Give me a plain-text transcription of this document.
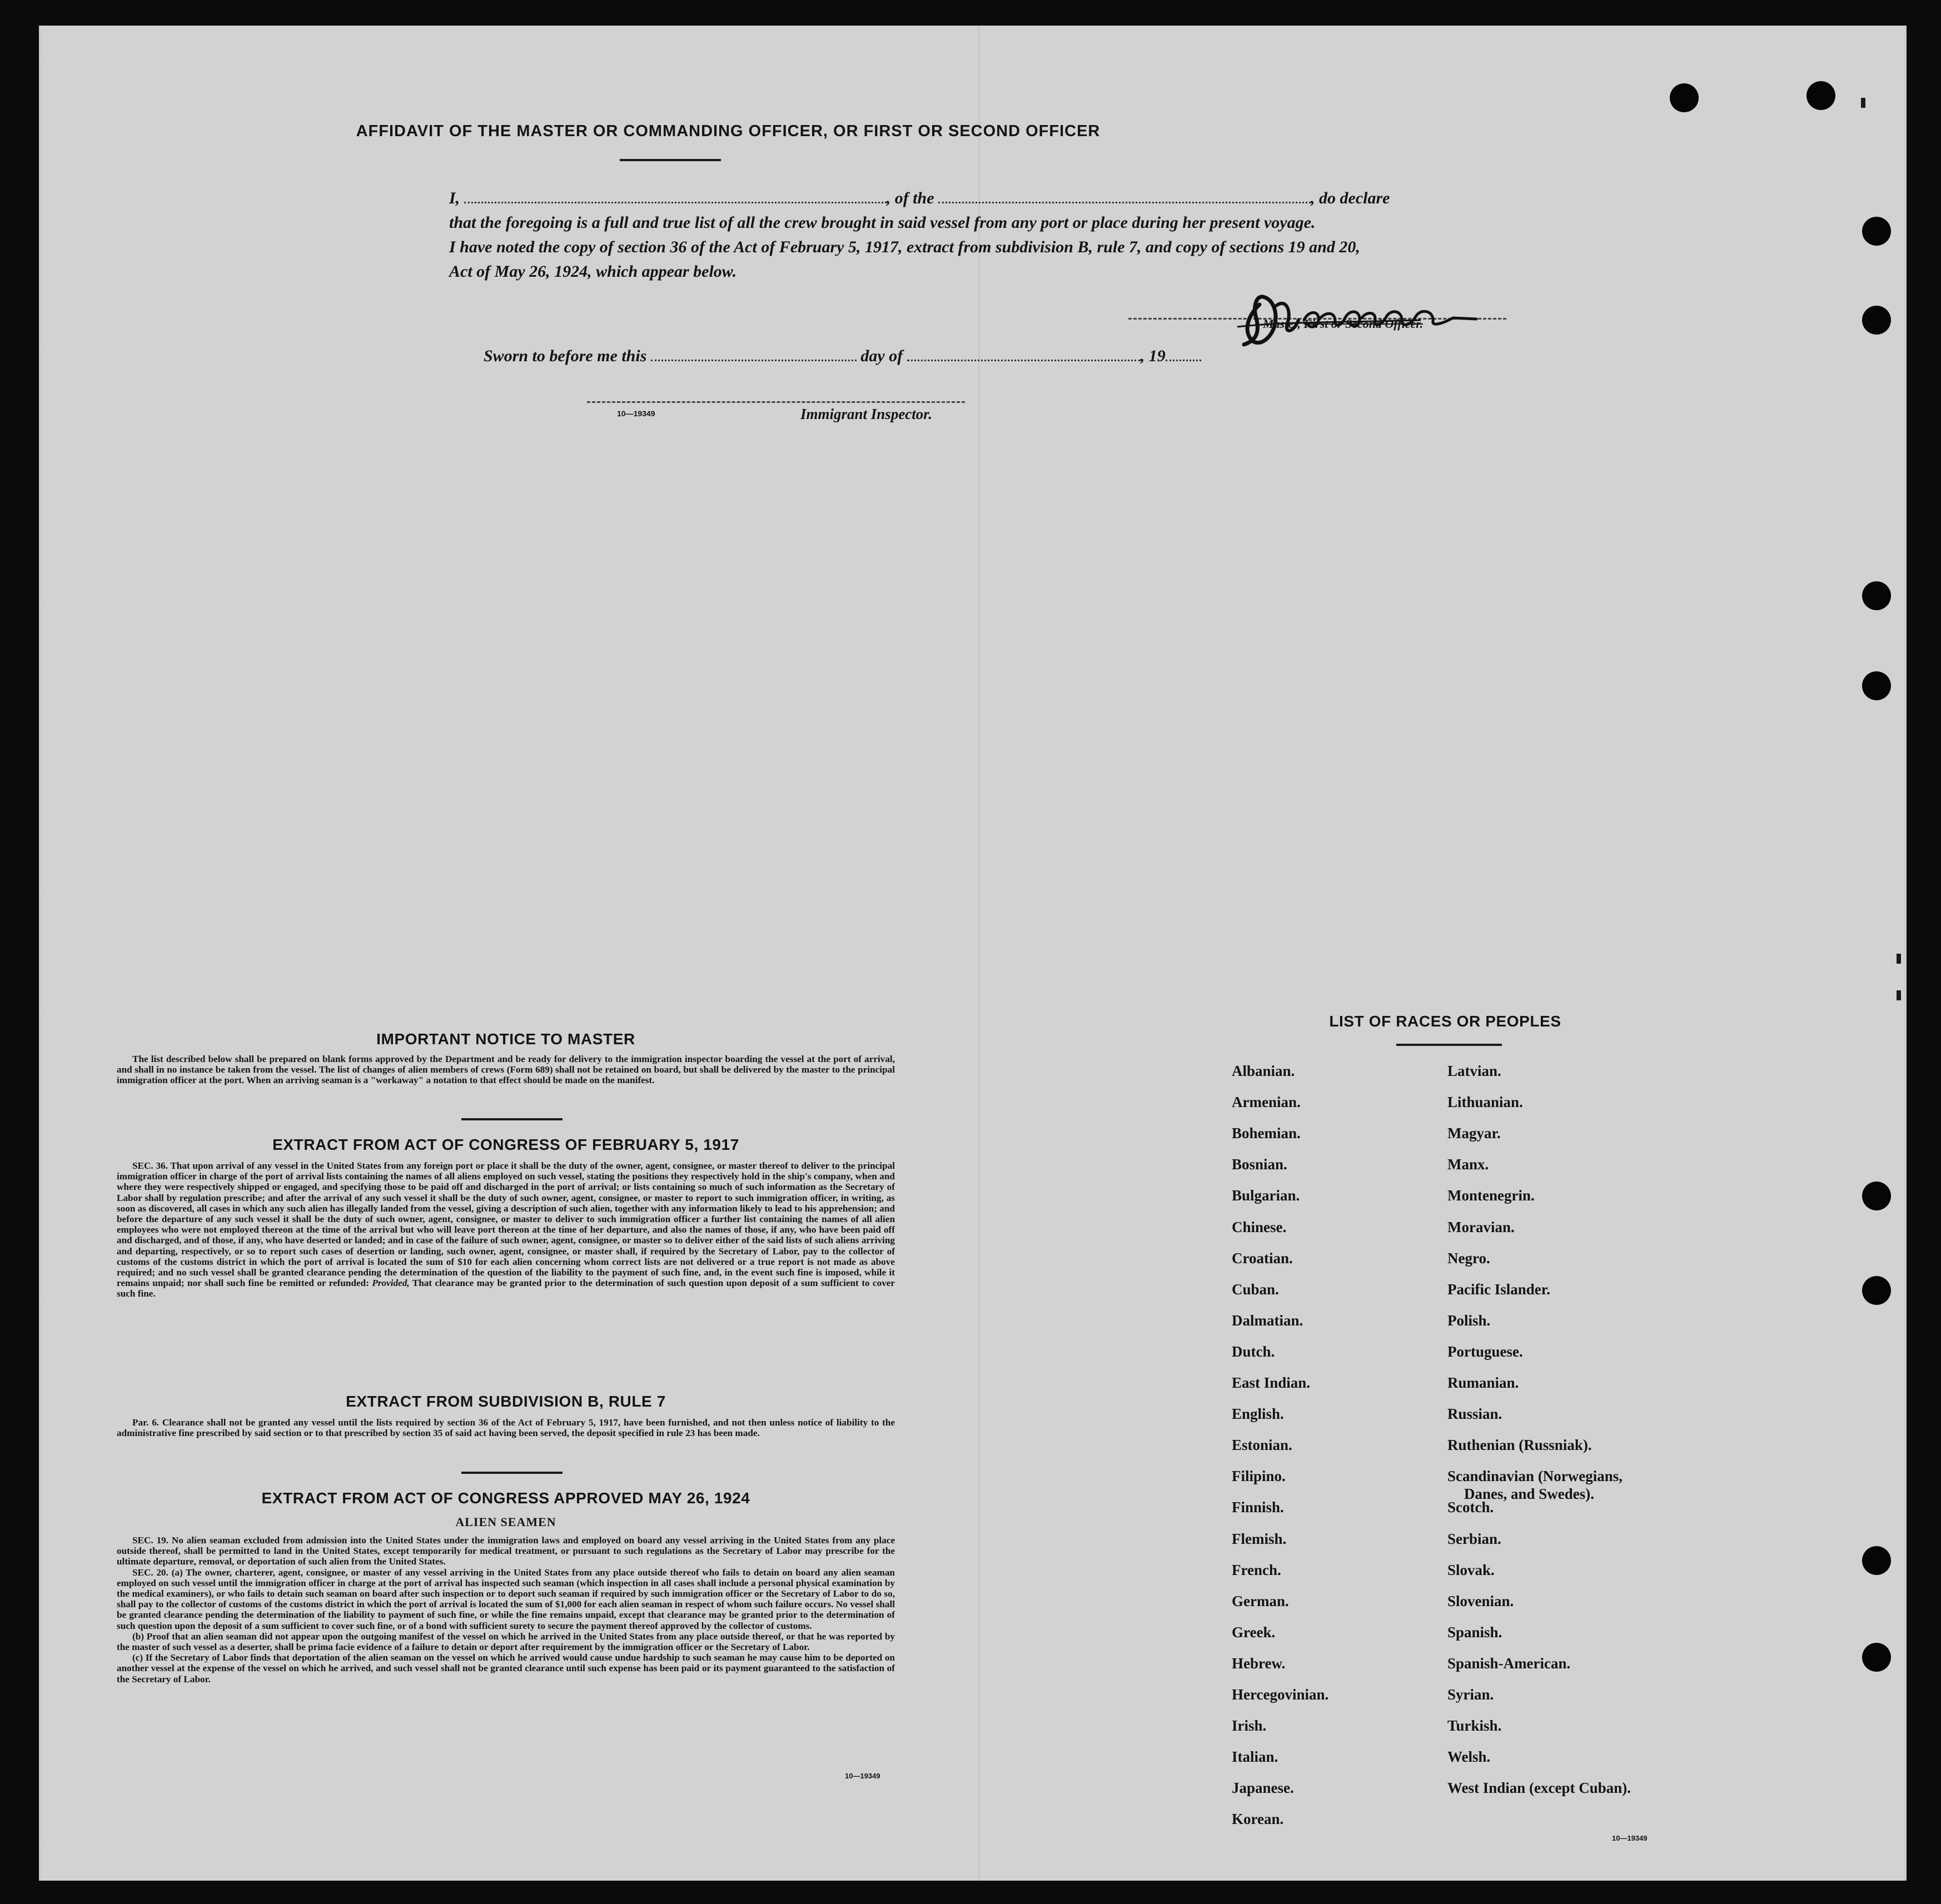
AFFIDAVIT OF THE MASTER OR COMMANDING OFFICER, OR FIRST OR SECOND OFFICER
I,	, of the	, do declare
that the foregoing is a full and true list of all the crew brought in said vessel from any port or place during her present voyage.
I have noted the copy of section 36 of the Act of February 5, 1917, extract from subdivision B, rule 7, and copy of sections 19 and 20,
Act of May 26, 1924, which appear below.
Master, First or Second Officer.
Sworn to before me this	day of	, 19
10—19349	Immigrant Inspector.
IMPORTANT NOTICE TO MASTER
The list described below shall be prepared on blank forms approved by the Department and be ready for delivery to the immigration inspector boarding the vessel at the port of arrival, and shall in no instance be taken from the vessel. The list of changes of alien members of crews (Form 689) shall not be retained on board, but shall be delivered by the master to the principal immigration officer at the port. When an arriving seaman is a "workaway" a notation to that effect should be made on the manifest.
EXTRACT FROM ACT OF CONGRESS OF FEBRUARY 5, 1917
SEC. 36. That upon arrival of any vessel in the United States from any foreign port or place it shall be the duty of the owner, agent, consignee, or master thereof to deliver to the principal immigration officer in charge of the port of arrival lists containing the names of all aliens employed on such vessel, stating the positions they respectively hold in the ship's company, when and where they were respectively shipped or engaged, and specifying those to be paid off and discharged in the port of arrival; or lists containing so much of such information as the Secretary of Labor shall by regulation prescribe; and after the arrival of any such vessel it shall be the duty of such owner, agent, consignee, or master to report to such immigration officer, in writing, as soon as discovered, all cases in which any such alien has illegally landed from the vessel, giving a description of such alien, together with any information likely to lead to his apprehension; and before the departure of any such vessel it shall be the duty of such owner, agent, consignee, or master to deliver to such immigration officer a further list containing the names of all alien employees who were not employed thereon at the time of the arrival but who will leave port thereon at the time of her departure, and also the names of those, if any, who have been paid off and discharged, and of those, if any, who have deserted or landed; and in case of the failure of such owner, agent, consignee, or master so to deliver either of the said lists of such aliens arriving and departing, respectively, or so to report such cases of desertion or landing, such owner, agent, consignee, or master shall, if required by the Secretary of Labor, pay to the collector of customs of the customs district in which the port of arrival is located the sum of $10 for each alien concerning whom correct lists are not delivered or a true report is not made as above required; and no such vessel shall be granted clearance pending the determination of the question of the liability to the payment of such fine, and, in the event such fine is imposed, while it remains unpaid; nor shall such fine be remitted or refunded: Provided, That clearance may be granted prior to the determination of such question upon deposit of a sum sufficient to cover such fine.
EXTRACT FROM SUBDIVISION B, RULE 7
Par. 6. Clearance shall not be granted any vessel until the lists required by section 36 of the Act of February 5, 1917, have been furnished, and not then unless notice of liability to the administrative fine prescribed by said section or to that prescribed by section 35 of said act having been served, the deposit specified in rule 23 has been made.
EXTRACT FROM ACT OF CONGRESS APPROVED MAY 26, 1924
ALIEN SEAMEN
SEC. 19. No alien seaman excluded from admission into the United States under the immigration laws and employed on board any vessel arriving in the United States from any place outside thereof, shall be permitted to land in the United States, except temporarily for medical treatment, or pursuant to such regulations as the Secretary of Labor may prescribe for the ultimate departure, removal, or deportation of such alien from the United States.
SEC. 20. (a) The owner, charterer, agent, consignee, or master of any vessel arriving in the United States from any place outside thereof who fails to detain on board any alien seaman employed on such vessel until the immigration officer in charge at the port of arrival has inspected such seaman (which inspection in all cases shall include a personal physical examination by the medical examiners), or who fails to detain such seaman on board after such inspection or to deport such seaman if required by such immigration officer or the Secretary of Labor to do so, shall pay to the collector of customs of the customs district in which the port of arrival is located the sum of $1,000 for each alien seaman in respect of whom such failure occurs. No vessel shall be granted clearance pending the determination of the liability to payment of such fine, or while the fine remains unpaid, except that clearance may be granted prior to the determination of such question upon the deposit of a sum sufficient to cover such fine, or of a bond with sufficient surety to secure the payment thereof approved by the collector of customs.
(b) Proof that an alien seaman did not appear upon the outgoing manifest of the vessel on which he arrived in the United States from any place outside thereof, or that he was reported by the master of such vessel as a deserter, shall be prima facie evidence of a failure to detain or deport after requirement by the immigration officer or the Secretary of Labor.
(c) If the Secretary of Labor finds that deportation of the alien seaman on the vessel on which he arrived would cause undue hardship to such seaman he may cause him to be deported on another vessel at the expense of the vessel on which he arrived, and such vessel shall not be granted clearance until such expense has been paid or its payment guaranteed to the satisfaction of the Secretary of Labor.
10—19349
LIST OF RACES OR PEOPLES
10—19349
Albanian.
Armenian.
Bohemian.
Bosnian.
Bulgarian.
Chinese.
Croatian.
Cuban.
Dalmatian.
Dutch.
East Indian.
English.
Estonian.
Filipino.
Finnish.
Flemish.
French.
German.
Greek.
Hebrew.
Hercegovinian.
Irish.
Italian.
Japanese.
Korean.
Latvian.
Lithuanian.
Magyar.
Manx.
Montenegrin.
Moravian.
Negro.
Pacific Islander.
Polish.
Portuguese.
Rumanian.
Russian.
Ruthenian (Russniak).
Scandinavian (Norwegians,
Danes, and Swedes).
Scotch.
Serbian.
Slovak.
Slovenian.
Spanish.
Spanish-American.
Syrian.
Turkish.
Welsh.
West Indian (except Cuban).
